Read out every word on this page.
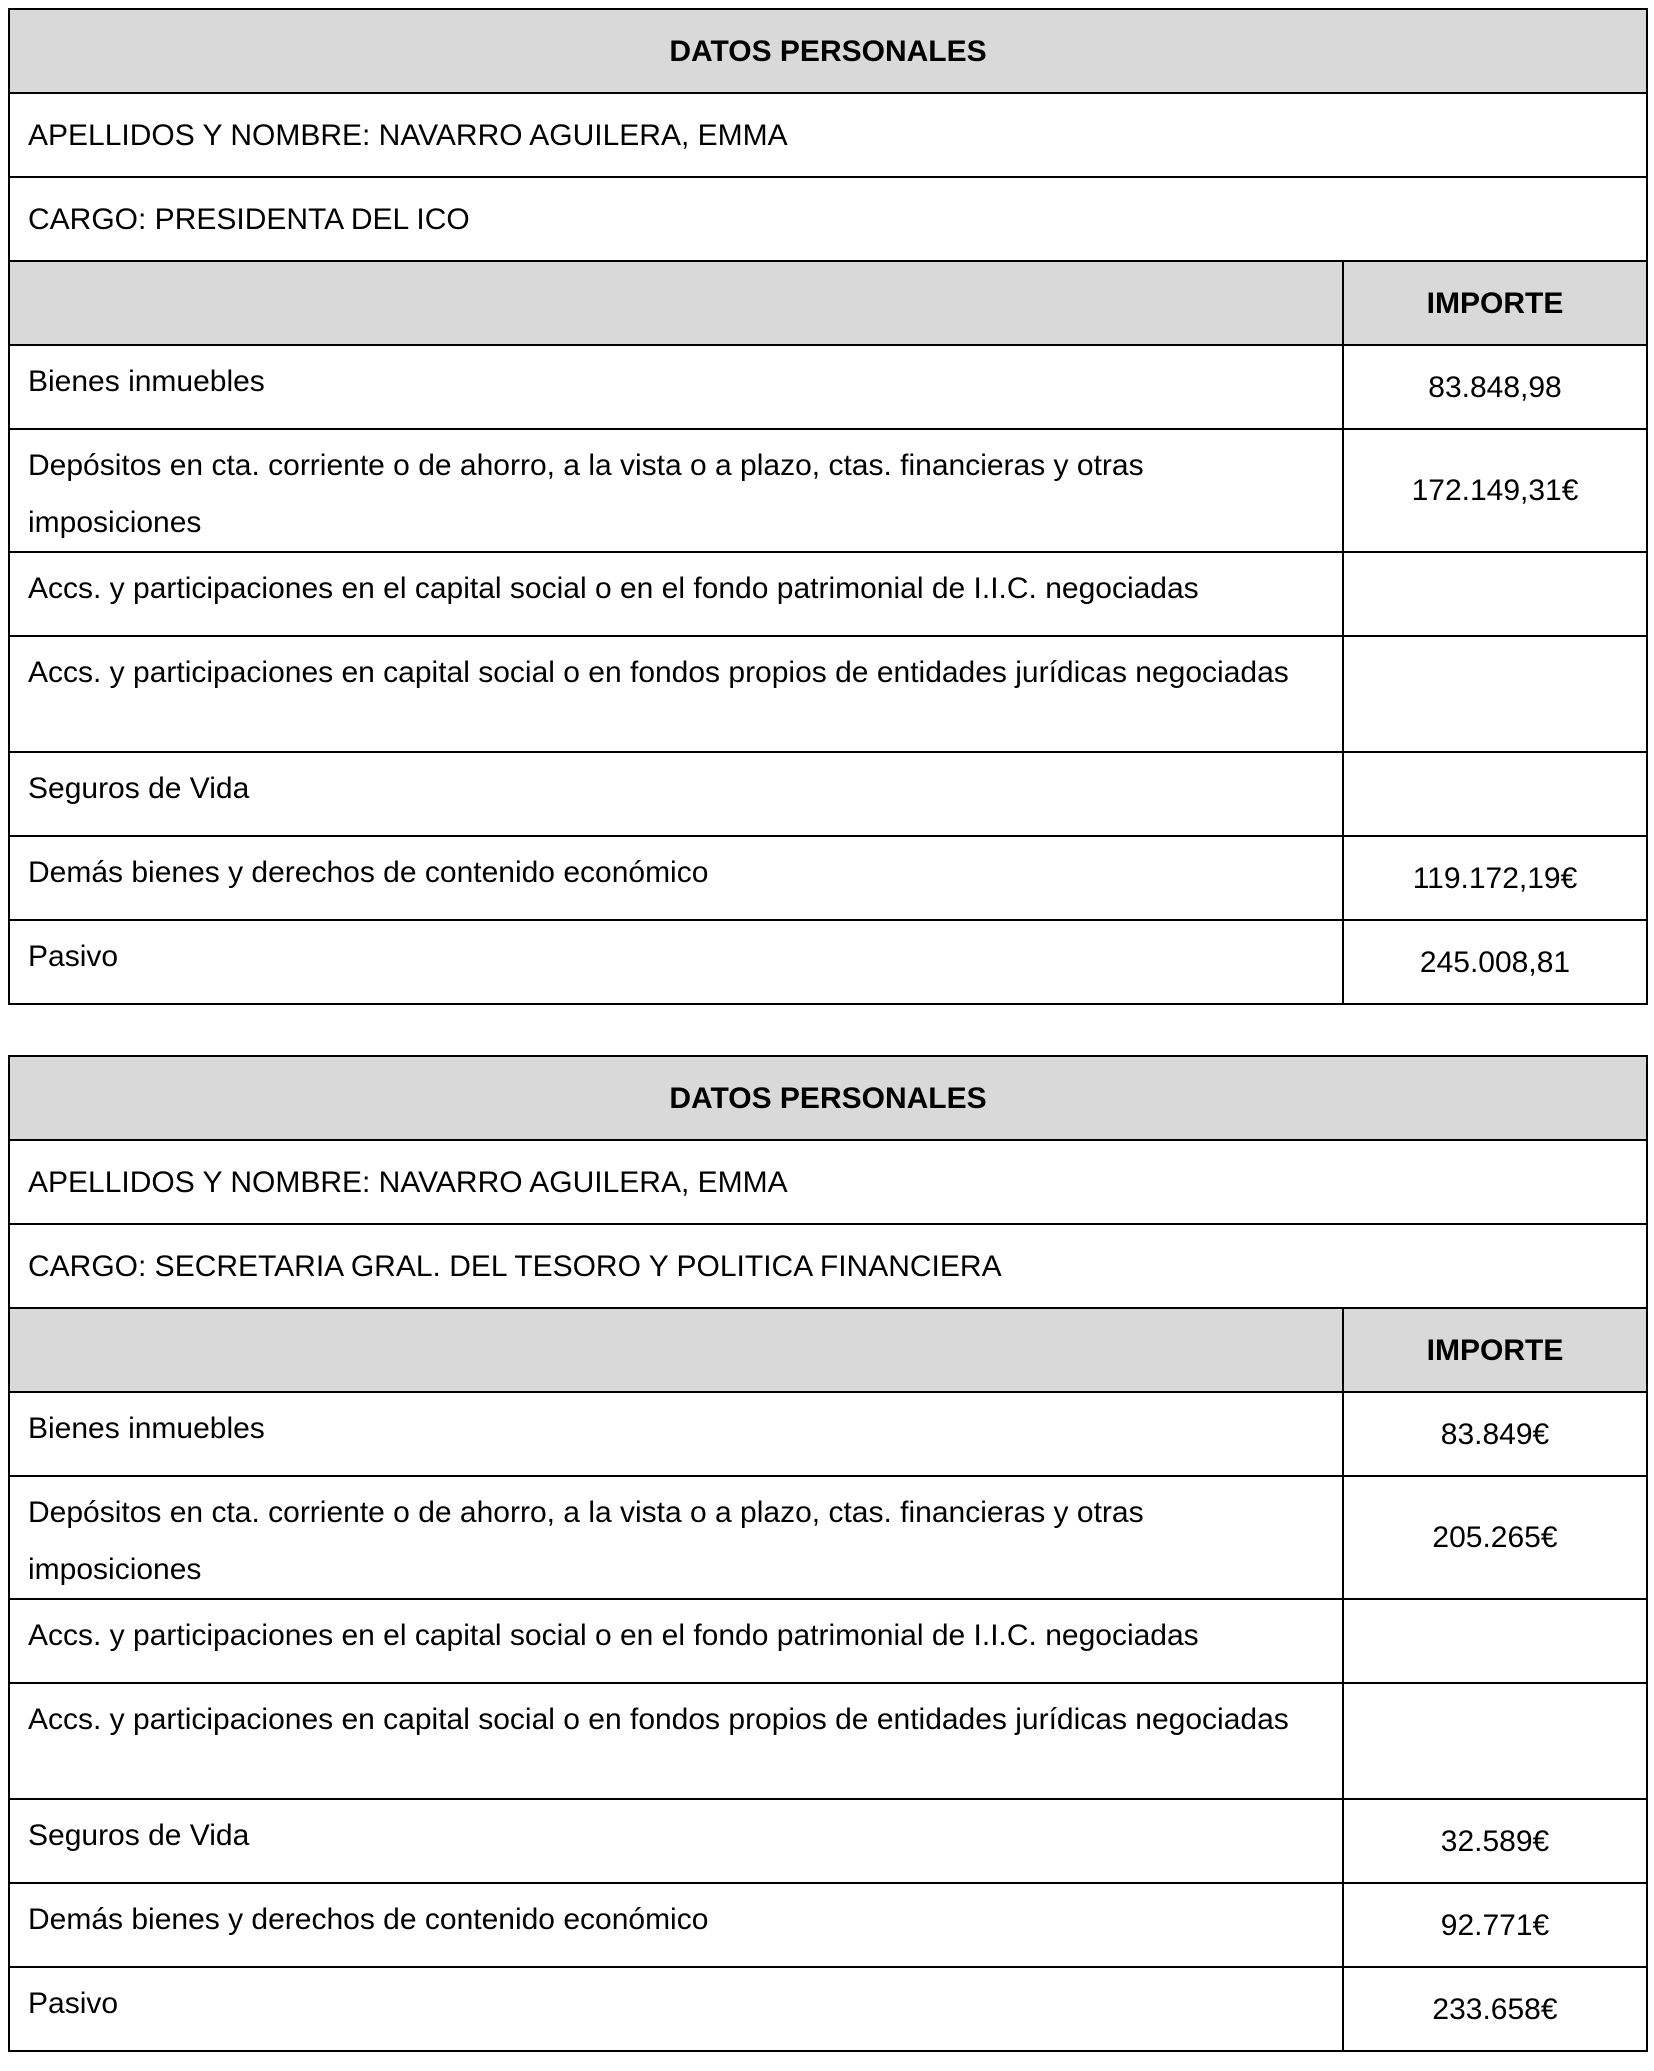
DATOS PERSONALES	
APELLIDOS Y NOMBRE: NAVARRO AGUILERA, EMMA	
CARGO: PRESIDENTA DEL ICO	
	IMPORTE
Bienes inmuebles	83.848,98
Depósitos en cta. corriente o de ahorro, a la vista o a plazo, ctas. financieras y otras imposiciones	172.149,31€
Accs. y participaciones en el capital social o en el fondo patrimonial de I.I.C. negociadas	
Accs. y participaciones en capital social o en fondos propios de entidades jurídicas negociadas	
Seguros de Vida	
Demás bienes y derechos de contenido económico	119.172,19€
Pasivo	245.008,81
DATOS PERSONALES	
APELLIDOS Y NOMBRE: NAVARRO AGUILERA, EMMA	
CARGO: SECRETARIA GRAL. DEL TESORO Y POLITICA FINANCIERA	
	IMPORTE
Bienes inmuebles	83.849€
Depósitos en cta. corriente o de ahorro, a la vista o a plazo, ctas. financieras y otras imposiciones	205.265€
Accs. y participaciones en el capital social o en el fondo patrimonial de I.I.C. negociadas	
Accs. y participaciones en capital social o en fondos propios de entidades jurídicas negociadas	
Seguros de Vida	32.589€
Demás bienes y derechos de contenido económico	92.771€
Pasivo	233.658€
